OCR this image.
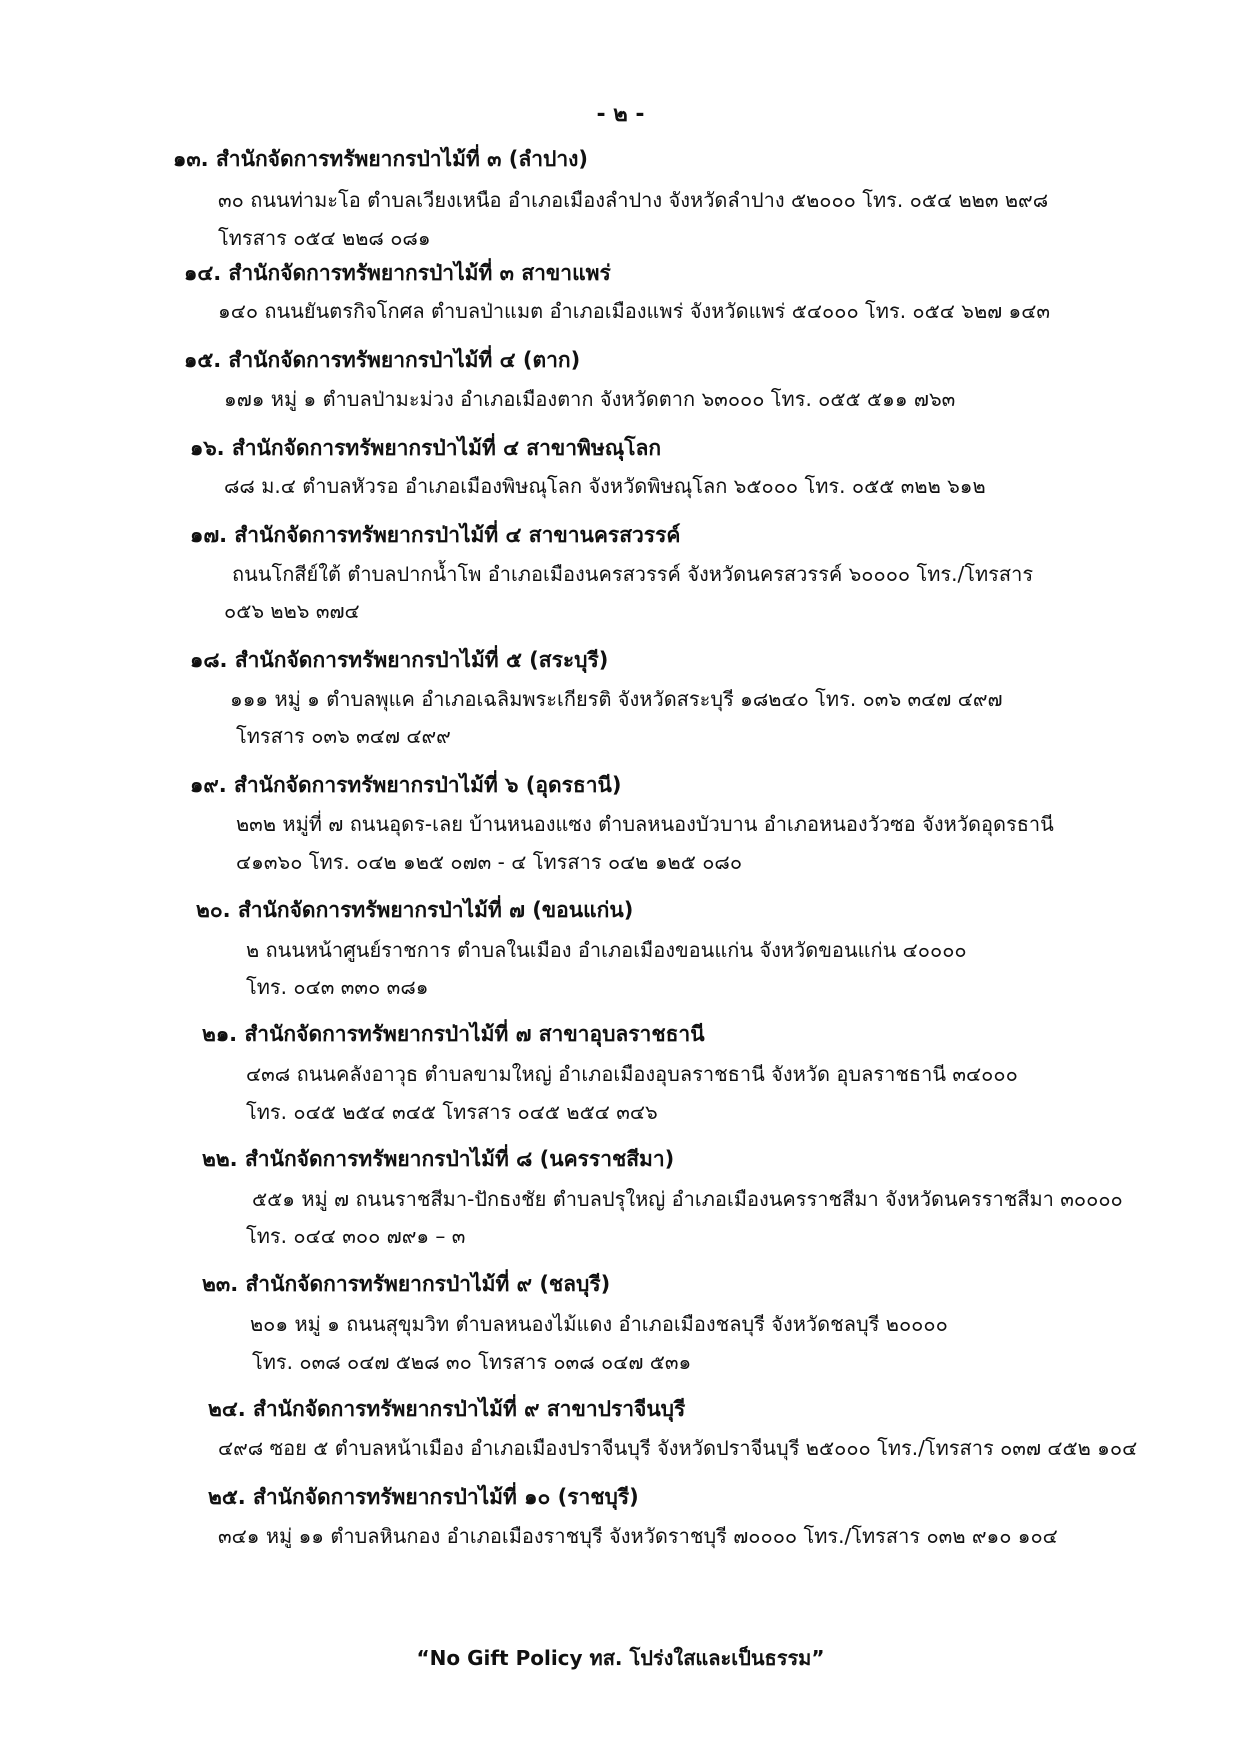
- ๒ -
๑๓. สำนักจัดการทรัพยากรป่าไม้ที่ ๓ (ลำปาง)
๓๐ ถนนท่ามะโอ ตำบลเวียงเหนือ อำเภอเมืองลำปาง จังหวัดลำปาง ๕๒๐๐๐ โทร. ๐๕๔ ๒๒๓ ๒๙๘
โทรสาร ๐๕๔ ๒๒๘ ๐๘๑
๑๔. สำนักจัดการทรัพยากรป่าไม้ที่ ๓ สาขาแพร่
๑๔๐ ถนนยันตรกิจโกศล ตำบลป่าแมต อำเภอเมืองแพร่ จังหวัดแพร่ ๕๔๐๐๐ โทร. ๐๕๔ ๖๒๗ ๑๔๓
๑๕. สำนักจัดการทรัพยากรป่าไม้ที่ ๔ (ตาก)
๑๗๑ หมู่ ๑ ตำบลป่ามะม่วง อำเภอเมืองตาก จังหวัดตาก ๖๓๐๐๐ โทร. ๐๕๕ ๕๑๑ ๗๖๓
๑๖. สำนักจัดการทรัพยากรป่าไม้ที่ ๔ สาขาพิษณุโลก
๘๘ ม.๔ ตำบลหัวรอ อำเภอเมืองพิษณุโลก จังหวัดพิษณุโลก ๖๕๐๐๐ โทร. ๐๕๕ ๓๒๒ ๖๑๒
๑๗. สำนักจัดการทรัพยากรป่าไม้ที่ ๔ สาขานครสวรรค์
ถนนโกสีย์ใต้ ตำบลปากน้ำโพ อำเภอเมืองนครสวรรค์ จังหวัดนครสวรรค์ ๖๐๐๐๐ โทร./โทรสาร
๐๕๖ ๒๒๖ ๓๗๔
๑๘. สำนักจัดการทรัพยากรป่าไม้ที่ ๕ (สระบุรี)
๑๑๑ หมู่ ๑ ตำบลพุแค อำเภอเฉลิมพระเกียรติ จังหวัดสระบุรี ๑๘๒๔๐ โทร. ๐๓๖ ๓๔๗ ๔๙๗
โทรสาร ๐๓๖ ๓๔๗ ๔๙๙
๑๙. สำนักจัดการทรัพยากรป่าไม้ที่ ๖ (อุดรธานี)
๒๓๒ หมู่ที่ ๗ ถนนอุดร-เลย บ้านหนองแซง ตำบลหนองบัวบาน อำเภอหนองวัวซอ จังหวัดอุดรธานี
๔๑๓๖๐ โทร. ๐๔๒ ๑๒๕ ๐๗๓ - ๔ โทรสาร ๐๔๒ ๑๒๕ ๐๘๐
๒๐. สำนักจัดการทรัพยากรป่าไม้ที่ ๗ (ขอนแก่น)
๒ ถนนหน้าศูนย์ราชการ ตำบลในเมือง อำเภอเมืองขอนแก่น จังหวัดขอนแก่น ๔๐๐๐๐
โทร. ๐๔๓ ๓๓๐ ๓๘๑
๒๑. สำนักจัดการทรัพยากรป่าไม้ที่ ๗ สาขาอุบลราชธานี
๔๓๘ ถนนคลังอาวุธ ตำบลขามใหญ่ อำเภอเมืองอุบลราชธานี จังหวัด อุบลราชธานี ๓๔๐๐๐
โทร. ๐๔๕ ๒๕๔ ๓๔๕ โทรสาร ๐๔๕ ๒๕๔ ๓๔๖
๒๒. สำนักจัดการทรัพยากรป่าไม้ที่ ๘ (นครราชสีมา)
๕๕๑ หมู่ ๗ ถนนราชสีมา-ปักธงชัย ตำบลปรุใหญ่ อำเภอเมืองนครราชสีมา จังหวัดนครราชสีมา ๓๐๐๐๐
โทร. ๐๔๔ ๓๐๐ ๗๙๑ – ๓
๒๓. สำนักจัดการทรัพยากรป่าไม้ที่ ๙ (ชลบุรี)
๒๐๑ หมู่ ๑ ถนนสุขุมวิท ตำบลหนองไม้แดง อำเภอเมืองชลบุรี จังหวัดชลบุรี ๒๐๐๐๐
โทร. ๐๓๘ ๐๔๗ ๕๒๘ ๓๐ โทรสาร ๐๓๘ ๐๔๗ ๕๓๑
๒๔. สำนักจัดการทรัพยากรป่าไม้ที่ ๙ สาขาปราจีนบุรี
๔๙๘ ซอย ๕ ตำบลหน้าเมือง อำเภอเมืองปราจีนบุรี จังหวัดปราจีนบุรี ๒๕๐๐๐ โทร./โทรสาร ๐๓๗ ๔๕๒ ๑๐๔
๒๕. สำนักจัดการทรัพยากรป่าไม้ที่ ๑๐ (ราชบุรี)
๓๔๑ หมู่ ๑๑ ตำบลหินกอง อำเภอเมืองราชบุรี จังหวัดราชบุรี ๗๐๐๐๐ โทร./โทรสาร ๐๓๒ ๙๑๐ ๑๐๔
“No Gift Policy ทส. โปร่งใสและเป็นธรรม”
